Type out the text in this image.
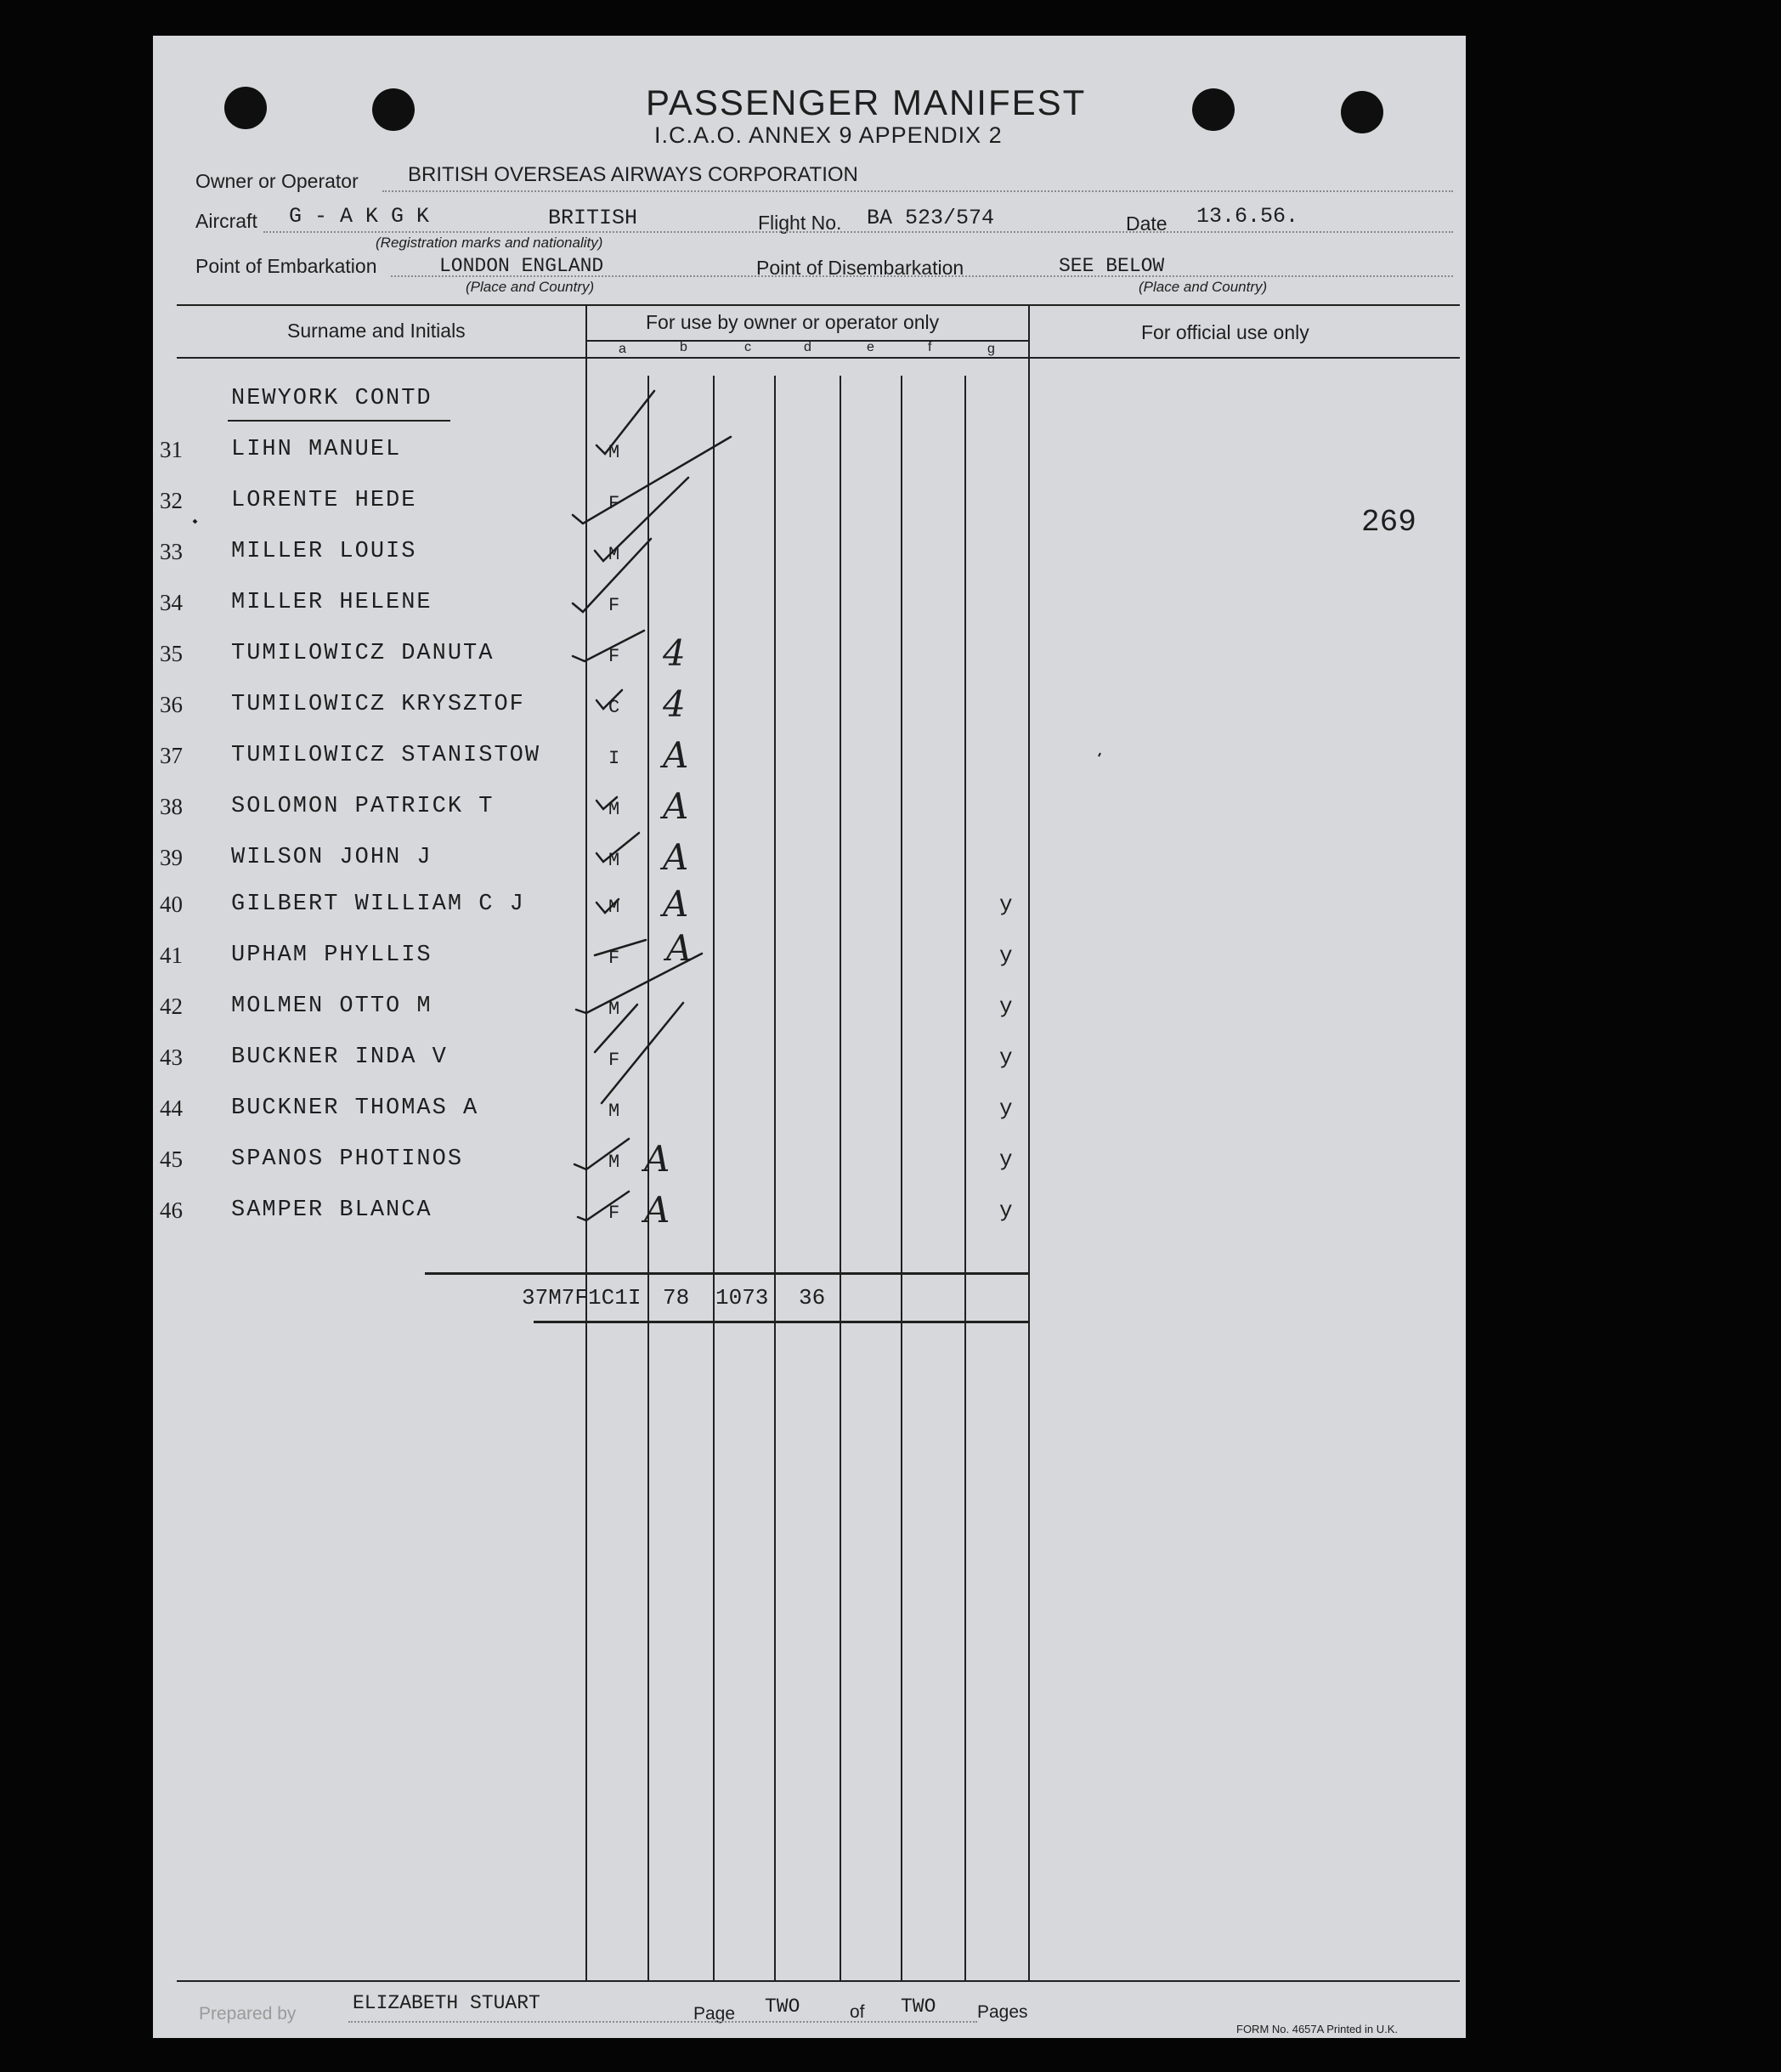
PASSENGER MANIFEST
I.C.A.O. ANNEX 9 APPENDIX 2
Owner or Operator BRITISH OVERSEAS AIRWAYS CORPORATION
Aircraft G - A K G K	BRITISH
(Registration marks and nationality)
Flight No. BA 523/574	Date 13.6.56.
Point of Embarkation	LONDON ENGLAND
(Place and Country)
Point of Disembarkation	SEE BELOW
(Place and Country)
Surname and Initials	For use by owner or operator only	For official use only
a	b	c	d	e	f	g
NEWYORK CONTD
269
31 LIHN MANUEL	M
32 LORENTE HEDE	F
33 MILLER LOUIS	M
34 MILLER HELENE	F
35 TUMILOWICZ DANUTA	F 4
36 TUMILOWICZ KRYSZTOF	C 4
37 TUMILOWICZ STANISTOW	I A
38 SOLOMON PATRICK T	M A
39 WILSON JOHN J	M A
40 GILBERT WILLIAM C J	M A	y
41 UPHAM PHYLLIS	F A	y
42 MOLMEN OTTO M	M	y
43 BUCKNER INDA V	F	y
44 BUCKNER THOMAS A	M	y
45 SPANOS PHOTINOS	M A	y
46 SAMPER BLANCA	F A	y
37M7F1C1I 78 1073 36
Prepared by	ELIZABETH STUART	Page TWO	of TWO Pages
FORM No. 4657A Printed in U.K.
